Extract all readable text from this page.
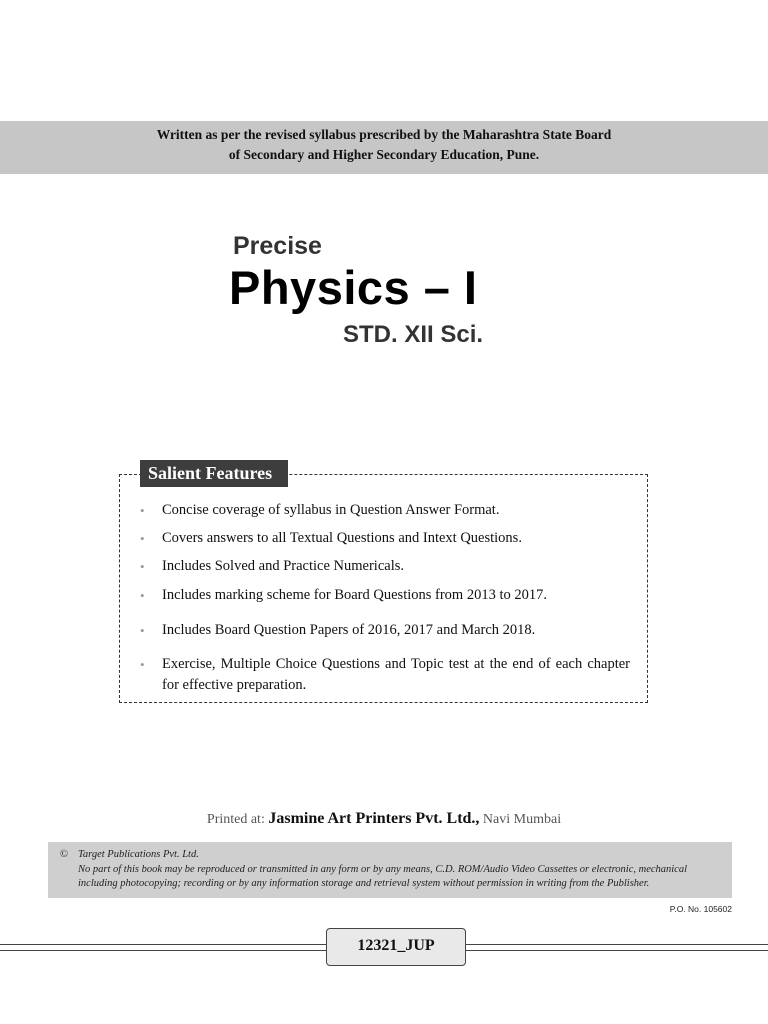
Written as per the revised syllabus prescribed by the Maharashtra State Board
of Secondary and Higher Secondary Education, Pune.
Precise
Physics – I
STD. XII Sci.
Salient Features
• Concise coverage of syllabus in Question Answer Format.
• Covers answers to all Textual Questions and Intext Questions.
• Includes Solved and Practice Numericals.
• Includes marking scheme for Board Questions from 2013 to 2017.
• Includes Board Question Papers of 2016, 2017 and March 2018.
• Exercise, Multiple Choice Questions and Topic test at the end of each chapter for effective preparation.
Printed at: Jasmine Art Printers Pvt. Ltd., Navi Mumbai
© Target Publications Pvt. Ltd.
No part of this book may be reproduced or transmitted in any form or by any means, C.D. ROM/Audio Video Cassettes or electronic, mechanical
including photocopying; recording or by any information storage and retrieval system without permission in writing from the Publisher.
P.O. No. 105602
12321_JUP
